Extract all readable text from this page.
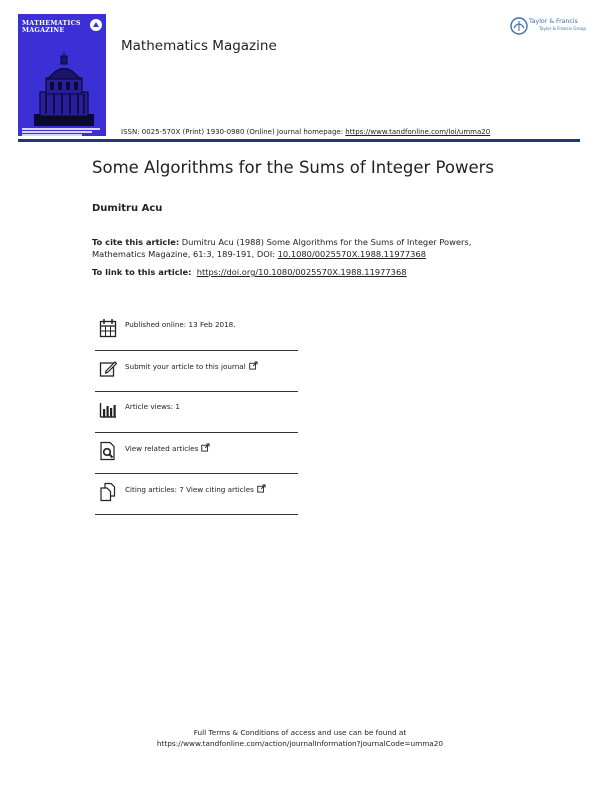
MATHEMATICS MAGAZINE
Mathematics Magazine
ISSN: 0025-570X (Print) 1930-0980 (Online) Journal homepage: https://www.tandfonline.com/loi/umma20
Taylor & Francis
Taylor & Francis Group
Some Algorithms for the Sums of Integer Powers
Dumitru Acu
To cite this article: Dumitru Acu (1988) Some Algorithms for the Sums of Integer Powers, Mathematics Magazine, 61:3, 189-191, DOI: 10.1080/0025570X.1988.11977368
To link to this article: https://doi.org/10.1080/0025570X.1988.11977368
Published online: 13 Feb 2018.
Submit your article to this journal
Article views: 1
View related articles
Citing articles: 7 View citing articles
Full Terms & Conditions of access and use can be found at
https://www.tandfonline.com/action/journalInformation?journalCode=umma20
